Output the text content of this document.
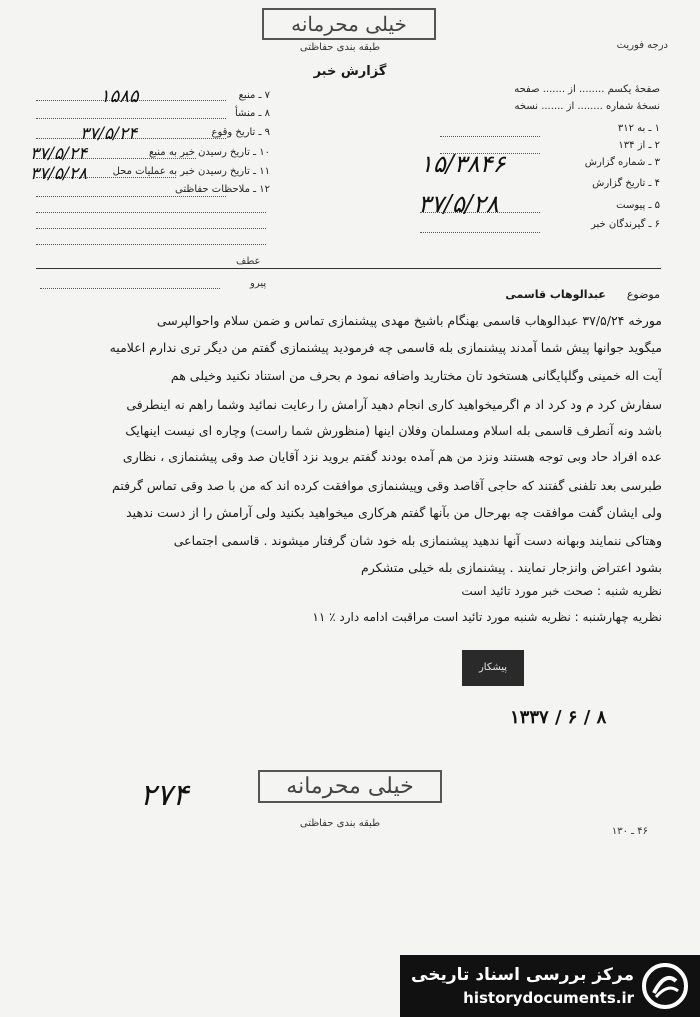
خیلی محرمانه
طبقه بندی حفاظتی	درجه فوریت
گزارش خبر
صفحهٔ یکسم ........ از ....... صفحه
نسخهٔ شماره ........ از ....... نسخه
۱ ـ به ۳۱۲
۲ ـ از ۱۳۴
۳ ـ شماره گزارش
۴ ـ تاریخ گزارش
۵ ـ پیوست
۶ ـ گیرندگان خبر
۱۵/۳۸۴۶
۳۷/۵/۲۸
۷ ـ منبع
۸ ـ منشأ
۹ ـ تاریخ وقوع
۱۰ ـ تاریخ رسیدن خبر به منبع
۱۱ ـ تاریخ رسیدن خبر به عملیات محل
۱۲ ـ ملاحظات حفاظتی
۱۵۸۵
۳۷/۵/۲۴
۳۷/۵/۲۴
۳۷/۵/۲۸
عطف
پیرو
موضوع  عبدالوهاب قاسمی
مورخه ۳۷/۵/۲۴ عبدالوهاب قاسمی بهنگام باشیخ مهدی پیشنمازی تماس و ضمن سلام واحوالپرسی
میگوید جوانها پیش شما آمدند پیشنمازی بله قاسمی چه فرمودید پیشنمازی گفتم من دیگر تری ندارم اعلامیه
آیت اله خمینی وگلپایگانی هستخود تان مختارید واضافه نمود م بحرف من استناد نکنید وخیلی هم
سفارش کرد م ود کرد اد م اگرمیخواهید کاری انجام دهید آرامش را رعایت نمائید وشما راهم نه اینطرفی
باشد ونه آنطرف قاسمی بله اسلام ومسلمان وفلان اینها (منظورش شما راست) وچاره ای نیست اینهایک
عده افراد حاد وبی توجه هستند ونزد من هم آمده بودند گفتم بروید نزد آقایان صد وقی پیشنمازی ، نظاری
طبرسی بعد تلفنی گفتند که حاجی آقاصد وقی وپیشنمازی موافقت کرده اند که من با صد وقی تماس گرفتم
ولی ایشان گفت موافقت چه بهرحال من بآنها گفتم هرکاری میخواهید بکنید ولی آرامش را از دست ندهید
وهتاکی ننمایند وبهانه دست آنها ندهید پیشنمازی بله خود شان گرفتار میشوند . قاسمی اجتماعی
بشود اعتراض وانزجار نمایند . پیشنمازی بله خیلی متشکرم
نظریه شنبه : صحت خبر مورد تائید است
نظریه چهارشنبه : نظریه شنبه مورد تائید است مراقبت ادامه دارد ٪ ۱۱
پیشکار
۸ / ۶ / ۱۳۳۷
خیلی محرمانه
طبقه بندی حفاظتی
۲۷۴
۴۶ ـ ۱۳۰
مرکز بررسی اسناد تاریخی
historydocuments.ir
